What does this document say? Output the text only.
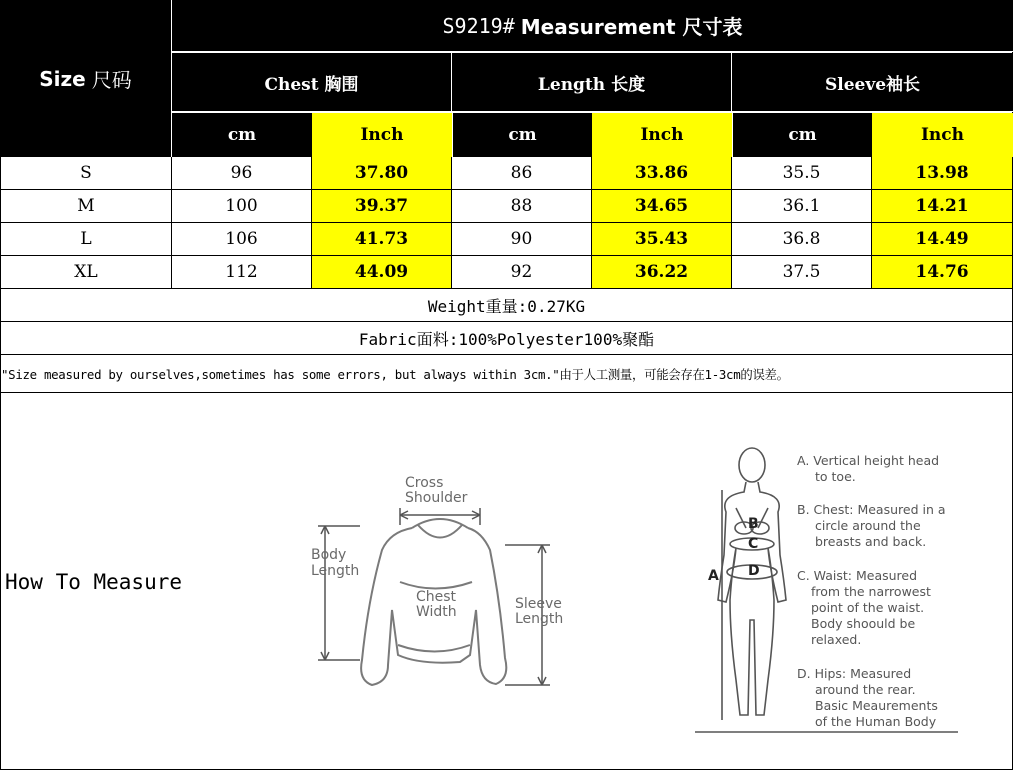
Size 尺码
S9219# Measurement 尺寸表
Chest 胸围	Length 长度	Sleeve袖长
cm	Inch	cm	Inch	cm	Inch
S	96	37.80	86	33.86	35.5	13.98
M	100	39.37	88	34.65	36.1	14.21
L	106	41.73	90	35.43	36.8	14.49
XL	112	44.09	92	36.22	37.5	14.76
Weight重量:0.27KG
Fabric面料:100%Polyester100%聚酯
"Size measured by ourselves,sometimes has some errors, but always within 3cm."由于人工测量，可能会存在1-3cm的误差。
How To Measure
Cross
Shoulder
Body
Length
Chest
Width	Sleeve
Length
A
B
C
D
A. Vertical height head
to toe.
B. Chest: Measured in a
circle around the
breasts and back.
C. Waist: Measured
from the narrowest
point of the waist.
Body shoould be
relaxed.
D. Hips: Measured
around the rear.
Basic Meaurements
of the Human Body
